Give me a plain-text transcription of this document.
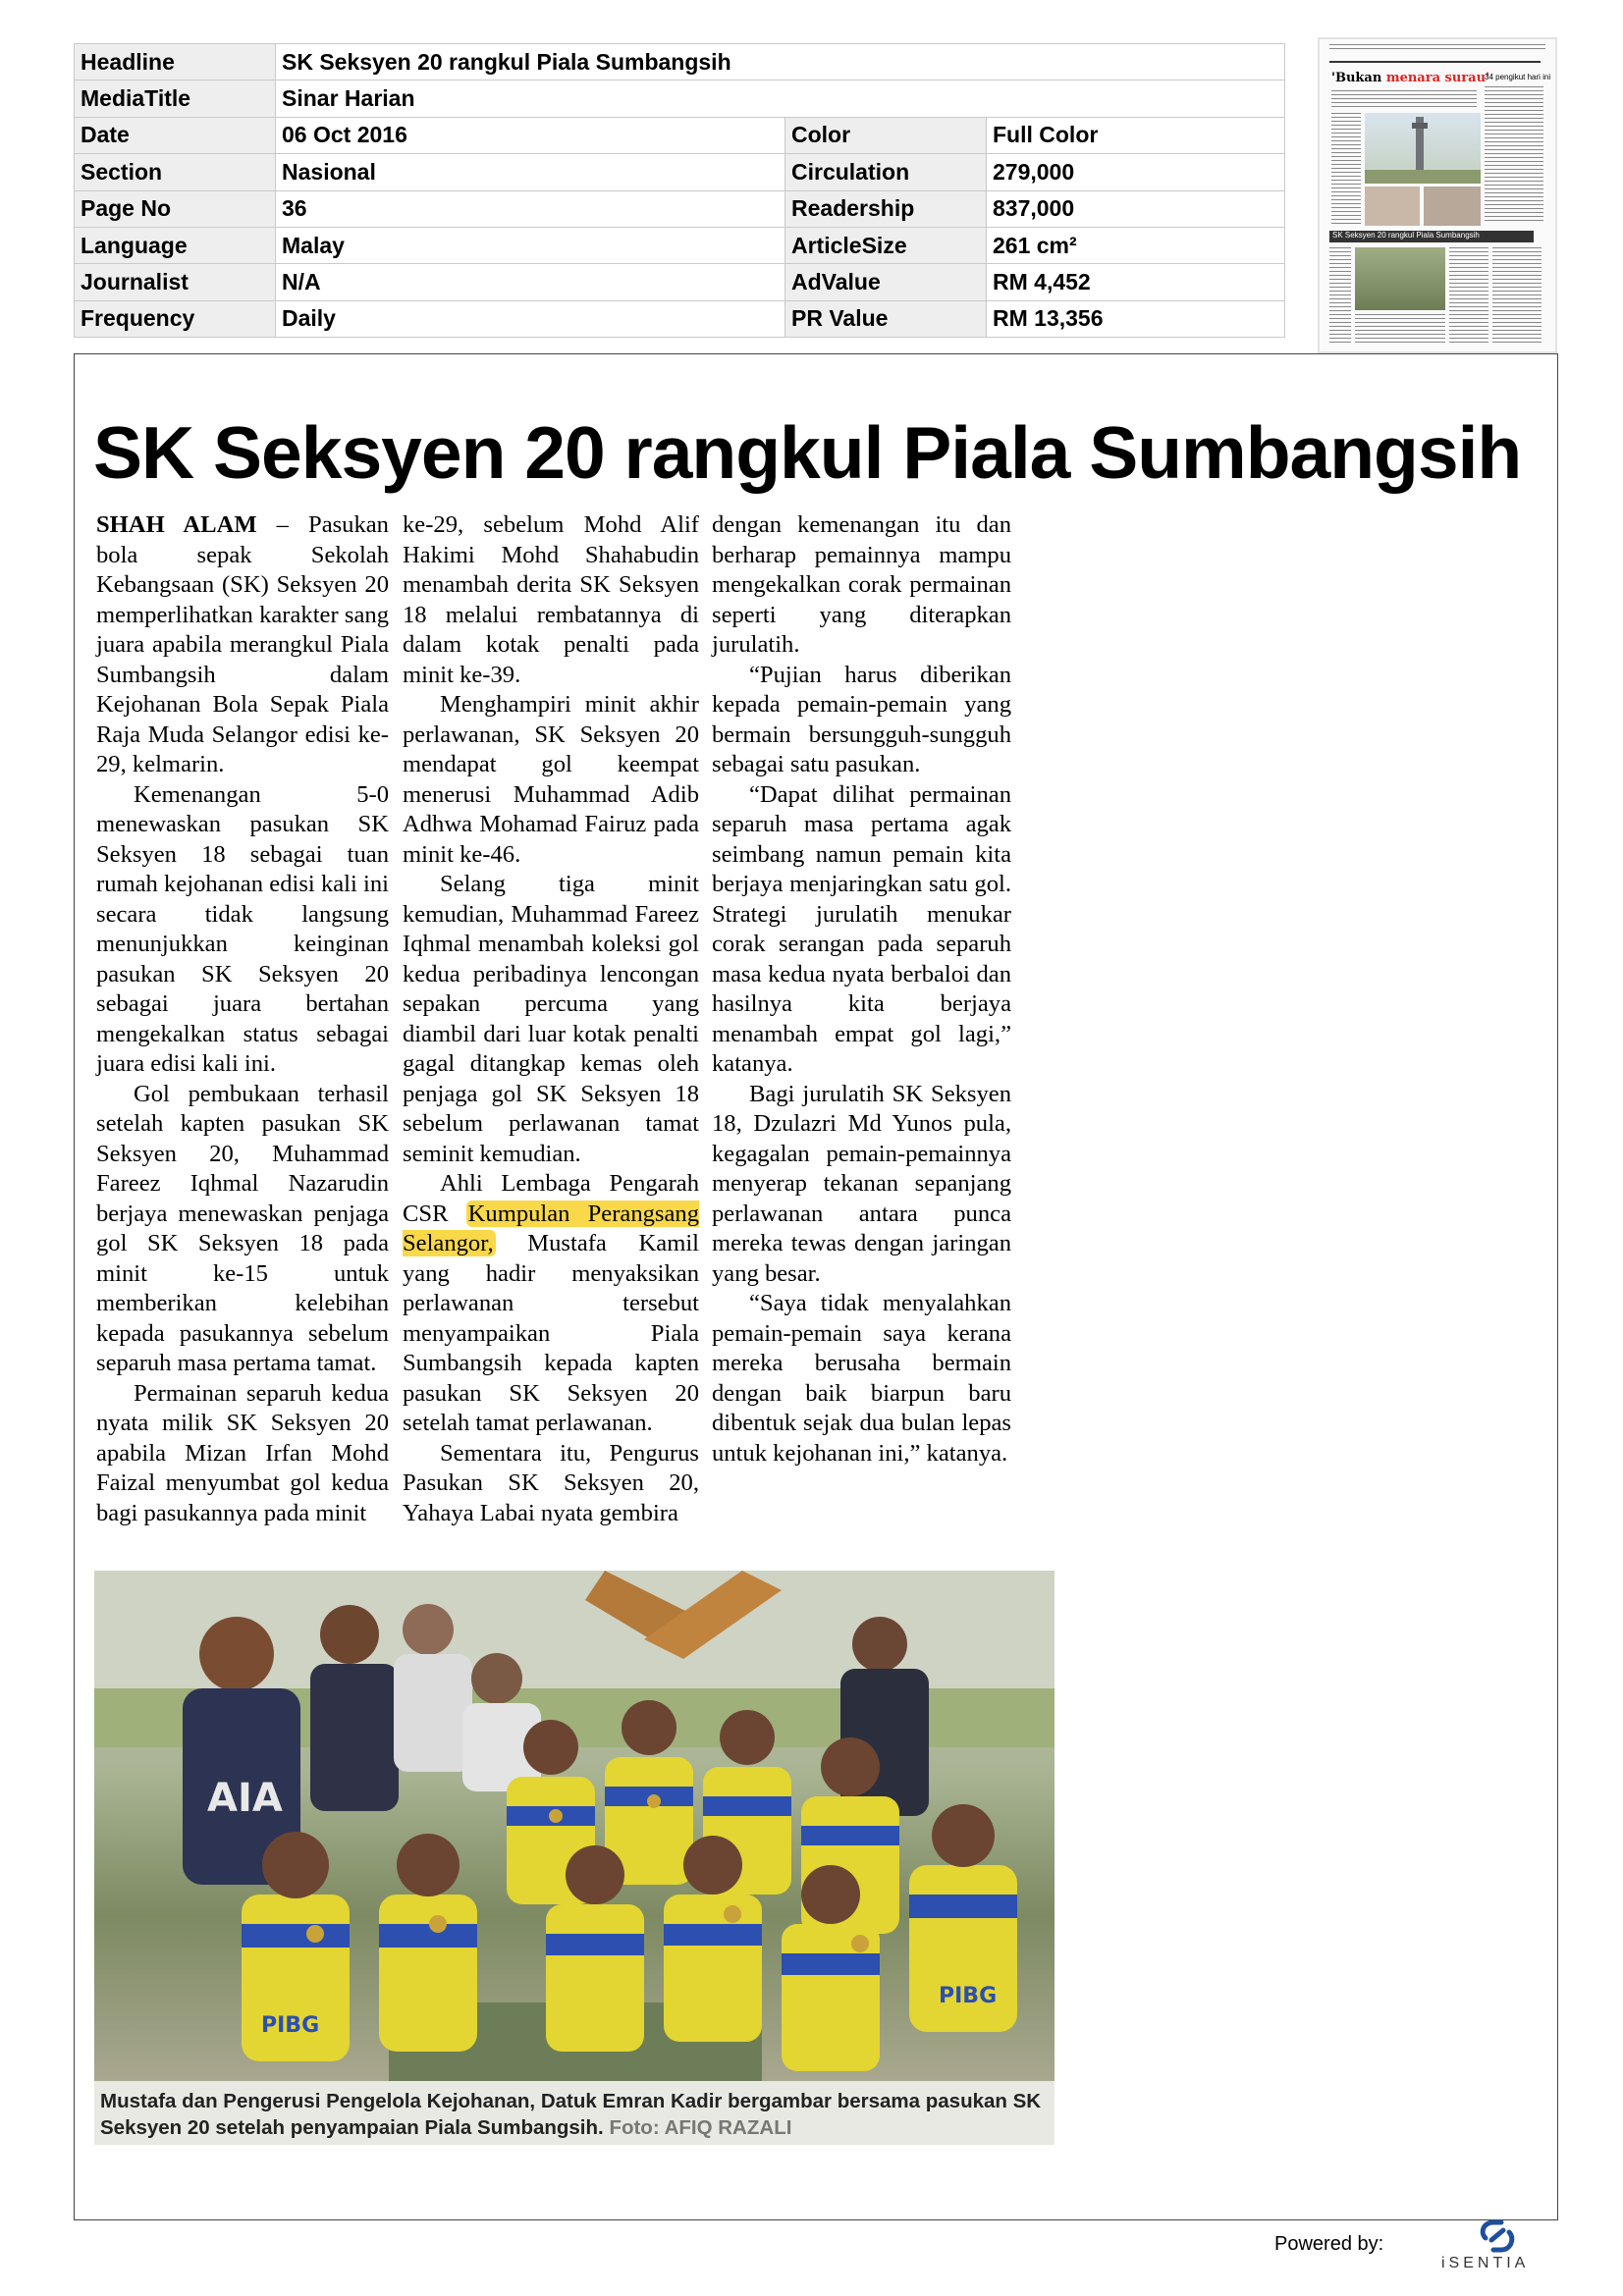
Headline	SK Seksyen 20 rangkul Piala Sumbangsih		
MediaTitle	Sinar Harian		
Date	06 Oct 2016	Color	Full Color
Section	Nasional	Circulation	279,000
Page No	36	Readership	837,000
Language	Malay	ArticleSize	261 cm²
Journalist	N/A	AdValue	RM 4,452
Frequency	Daily	PR Value	RM 13,356
'Bukan menara surau'
34 pengikut hari ini
SK Seksyen 20 rangkul Piala Sumbangsih
SK Seksyen 20 rangkul Piala Sumbangsih

SHAH ALAM – Pasukan bola sepak Sekolah Kebangsaan (SK) Seksyen 20 memperlihatkan karakter sang juara apabila merangkul Piala Sumbangsih dalam Kejohanan Bola Sepak Piala Raja Muda Selangor edisi ke-29, kelmarin.

Kemenangan 5-0 menewaskan pasukan SK Seksyen 18 sebagai tuan rumah kejohanan edisi kali ini secara tidak langsung menunjukkan keinginan pasukan SK Seksyen 20 sebagai juara bertahan mengekalkan status sebagai juara edisi kali ini.

Gol pembukaan terhasil setelah kapten pasukan SK Seksyen 20, Muhammad Fareez Iqhmal Nazarudin berjaya menewaskan penjaga gol SK Seksyen 18 pada minit ke-15 untuk memberikan kelebihan kepada pasukannya sebelum separuh masa pertama tamat.

Permainan separuh kedua nyata milik SK Seksyen 20 apabila Mizan Irfan Mohd Faizal menyumbat gol kedua bagi pasukannya pada minit

ke-29, sebelum Mohd Alif Hakimi Mohd Shahabudin menambah derita SK Seksyen 18 melalui rembatannya di dalam kotak penalti pada minit ke-39.

Menghampiri minit akhir perlawanan, SK Seksyen 20 mendapat gol keempat menerusi Muhammad Adib Adhwa Mohamad Fairuz pada minit ke-46.

Selang tiga minit kemudian, Muhammad Fareez Iqhmal menambah koleksi gol kedua peribadinya lencongan sepakan percuma yang diambil dari luar kotak penalti gagal ditangkap kemas oleh penjaga gol SK Seksyen 18 sebelum perlawanan tamat seminit kemudian.

Ahli Lembaga Pengarah CSR Kumpulan Perangsang Selangor, Mustafa Kamil yang hadir menyaksikan perlawanan tersebut menyampaikan Piala Sumbangsih kepada kapten pasukan SK Seksyen 20 setelah tamat perlawanan.

Sementara itu, Pengurus Pasukan SK Seksyen 20, Yahaya Labai nyata gembira

dengan kemenangan itu dan berharap pemainnya mampu mengekalkan corak permainan seperti yang diterapkan jurulatih.

“Pujian harus diberikan kepada pemain-pemain yang bermain bersungguh-sungguh sebagai satu pasukan.

“Dapat dilihat permainan separuh masa pertama agak seimbang namun pemain kita berjaya menjaringkan satu gol. Strategi jurulatih menukar corak serangan pada separuh masa kedua nyata berbaloi dan hasilnya kita berjaya menambah empat gol lagi,” katanya.

Bagi jurulatih SK Seksyen 18, Dzulazri Md Yunos pula, kegagalan pemain-pemainnya menyerap tekanan sepanjang perlawanan antara punca mereka tewas dengan jaringan yang besar.

“Saya tidak menyalahkan pemain-pemain saya kerana mereka berusaha bermain dengan baik biarpun baru dibentuk sejak dua bulan lepas untuk kejohanan ini,” katanya.

AIA
PIBG
PIBG
Mustafa dan Pengerusi Pengelola Kejohanan, Datuk Emran Kadir bergambar bersama pasukan SK Seksyen 20 setelah penyampaian Piala Sumbangsih. Foto: AFIQ RAZALI
Powered by:
iSENTIA
